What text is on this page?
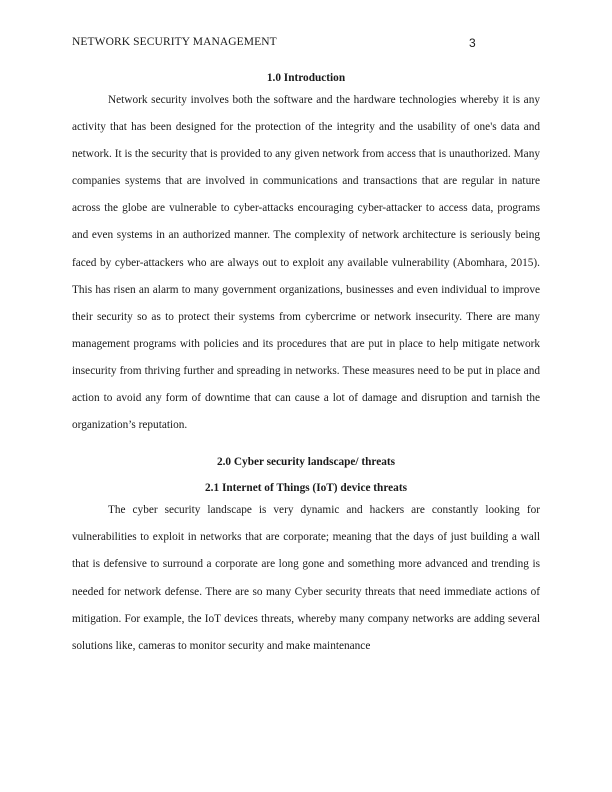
NETWORK SECURITY MANAGEMENT	3
1.0 Introduction

Network security involves both the software and the hardware technologies whereby it is any activity that has been designed for the protection of the integrity and the usability of one's data and network. It is the security that is provided to any given network from access that is unauthorized. Many companies systems that are involved in communications and transactions that are regular in nature across the globe are vulnerable to cyber-attacks encouraging cyber-attacker to access data, programs and even systems in an authorized manner. The complexity of network architecture is seriously being faced by cyber-attackers who are always out to exploit any available vulnerability (Abomhara, 2015). This has risen an alarm to many government organizations, businesses and even individual to improve their security so as to protect their systems from cybercrime or network insecurity. There are many management programs with policies and its procedures that are put in place to help mitigate network insecurity from thriving further and spreading in networks. These measures need to be put in place and action to avoid any form of downtime that can cause a lot of damage and disruption and tarnish the organization’s reputation.

2.0 Cyber security landscape/ threats
2.1 Internet of Things (IoT) device threats

The cyber security landscape is very dynamic and hackers are constantly looking for vulnerabilities to exploit in networks that are corporate; meaning that the days of just building a wall that is defensive to surround a corporate are long gone and something more advanced and trending is needed for network defense. There are so many Cyber security threats that need immediate actions of mitigation. For example, the IoT devices threats, whereby many company networks are adding several solutions like, cameras to monitor security and make maintenance
